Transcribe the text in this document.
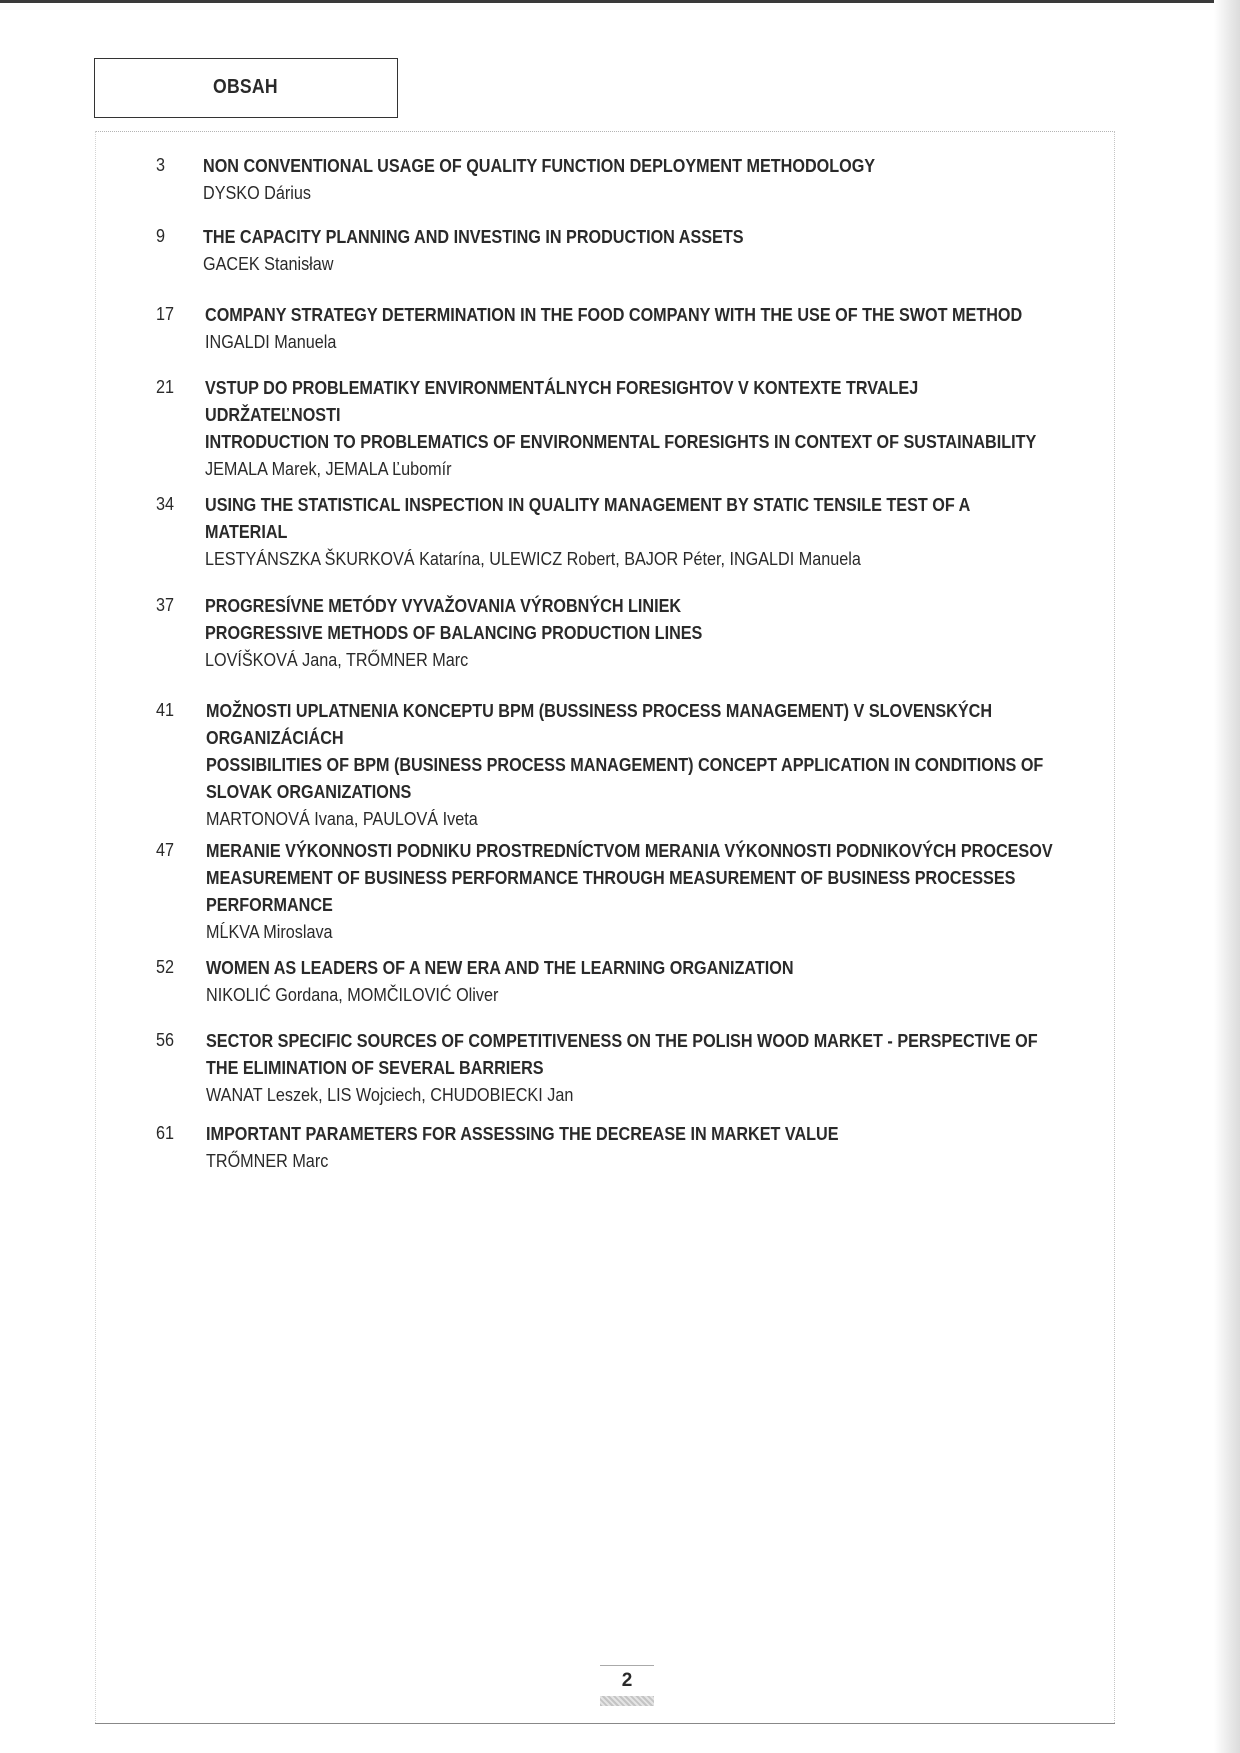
OBSAH
3 NON CONVENTIONAL USAGE OF QUALITY FUNCTION DEPLOYMENT METHODOLOGY
DYSKO Dárius
9 THE CAPACITY PLANNING AND INVESTING IN PRODUCTION ASSETS
GACEK Stanisław
17 COMPANY STRATEGY DETERMINATION IN THE FOOD COMPANY WITH THE USE OF THE SWOT METHOD
INGALDI Manuela
21 VSTUP DO PROBLEMATIKY ENVIRONMENTÁLNYCH FORESIGHTOV V KONTEXTE TRVALEJ
UDRŽATEĽNOSTI
INTRODUCTION TO PROBLEMATICS OF ENVIRONMENTAL FORESIGHTS IN CONTEXT OF SUSTAINABILITY
JEMALA Marek, JEMALA Ľubomír
34 USING THE STATISTICAL INSPECTION IN QUALITY MANAGEMENT BY STATIC TENSILE TEST OF A
MATERIAL
LESTYÁNSZKA ŠKURKOVÁ Katarína, ULEWICZ Robert, BAJOR Péter, INGALDI Manuela
37 PROGRESÍVNE METÓDY VYVAŽOVANIA VÝROBNÝCH LINIEK
PROGRESSIVE METHODS OF BALANCING PRODUCTION LINES
LOVÍŠKOVÁ Jana, TRŐMNER Marc
41 MOŽNOSTI UPLATNENIA KONCEPTU BPM (BUSSINESS PROCESS MANAGEMENT) V SLOVENSKÝCH
ORGANIZÁCIÁCH
POSSIBILITIES OF BPM (BUSINESS PROCESS MANAGEMENT) CONCEPT APPLICATION IN CONDITIONS OF
SLOVAK ORGANIZATIONS
MARTONOVÁ Ivana, PAULOVÁ Iveta
47 MERANIE VÝKONNOSTI PODNIKU PROSTREDNÍCTVOM MERANIA VÝKONNOSTI PODNIKOVÝCH PROCESOV
MEASUREMENT OF BUSINESS PERFORMANCE THROUGH MEASUREMENT OF BUSINESS PROCESSES
PERFORMANCE
MĹKVA Miroslava
52 WOMEN AS LEADERS OF A NEW ERA AND THE LEARNING ORGANIZATION
NIKOLIĆ Gordana, MOMČILOVIĆ Oliver
56 SECTOR SPECIFIC SOURCES OF COMPETITIVENESS ON THE POLISH WOOD MARKET - PERSPECTIVE OF
THE ELIMINATION OF SEVERAL BARRIERS
WANAT Leszek, LIS Wojciech, CHUDOBIECKI Jan
61 IMPORTANT PARAMETERS FOR ASSESSING THE DECREASE IN MARKET VALUE
TRŐMNER Marc
2
